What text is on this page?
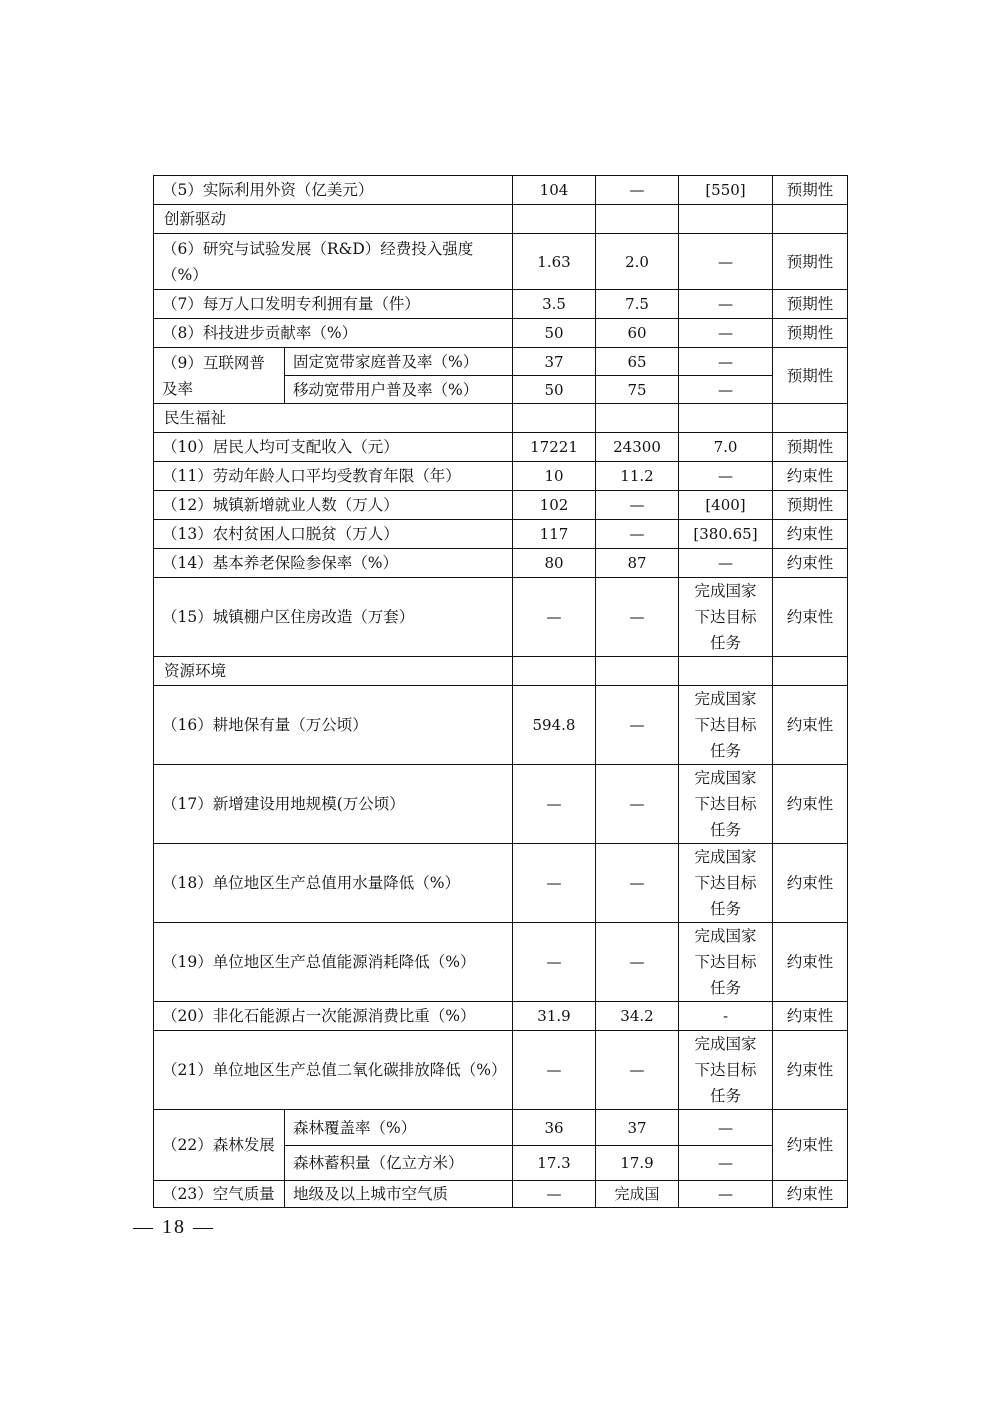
（5）实际利用外资（亿美元）		104	—	[550]	预期性
创新驱动					
（6）研究与试验发展（R&D）经费投入强度（%）		1.63	2.0	—	预期性
（7）每万人口发明专利拥有量（件）		3.5	7.5	—	预期性
（8）科技进步贡献率（%）		50	60	—	预期性
（9）互联网普及率	固定宽带家庭普及率（%）	37	65	—	预期性
	移动宽带用户普及率（%）	50	75	—	
民生福祉					
（10）居民人均可支配收入（元）		17221	24300	7.0	预期性
（11）劳动年龄人口平均受教育年限（年）		10	11.2	—	约束性
（12）城镇新增就业人数（万人）		102	—	[400]	预期性
（13）农村贫困人口脱贫（万人）		117	—	[380.65]	约束性
（14）基本养老保险参保率（%）		80	87	—	约束性
（15）城镇棚户区住房改造（万套）		—	—	完成国家下达目标任务	约束性
资源环境					
（16）耕地保有量（万公顷）		594.8	—	完成国家下达目标任务	约束性
（17）新增建设用地规模(万公顷）		—	—	完成国家下达目标任务	约束性
（18）单位地区生产总值用水量降低（%）		—	—	完成国家下达目标任务	约束性
（19）单位地区生产总值能源消耗降低（%）		—	—	完成国家下达目标任务	约束性
（20）非化石能源占一次能源消费比重（%）		31.9	34.2	-	约束性
（21）单位地区生产总值二氧化碳排放降低（%）		—	—	完成国家下达目标任务	约束性
（22）森林发展	森林覆盖率（%）	36	37	—	约束性
	森林蓄积量（亿立方米）	17.3	17.9	—	
（23）空气质量	地级及以上城市空气质	—	完成国	—	约束性
— 18 —
